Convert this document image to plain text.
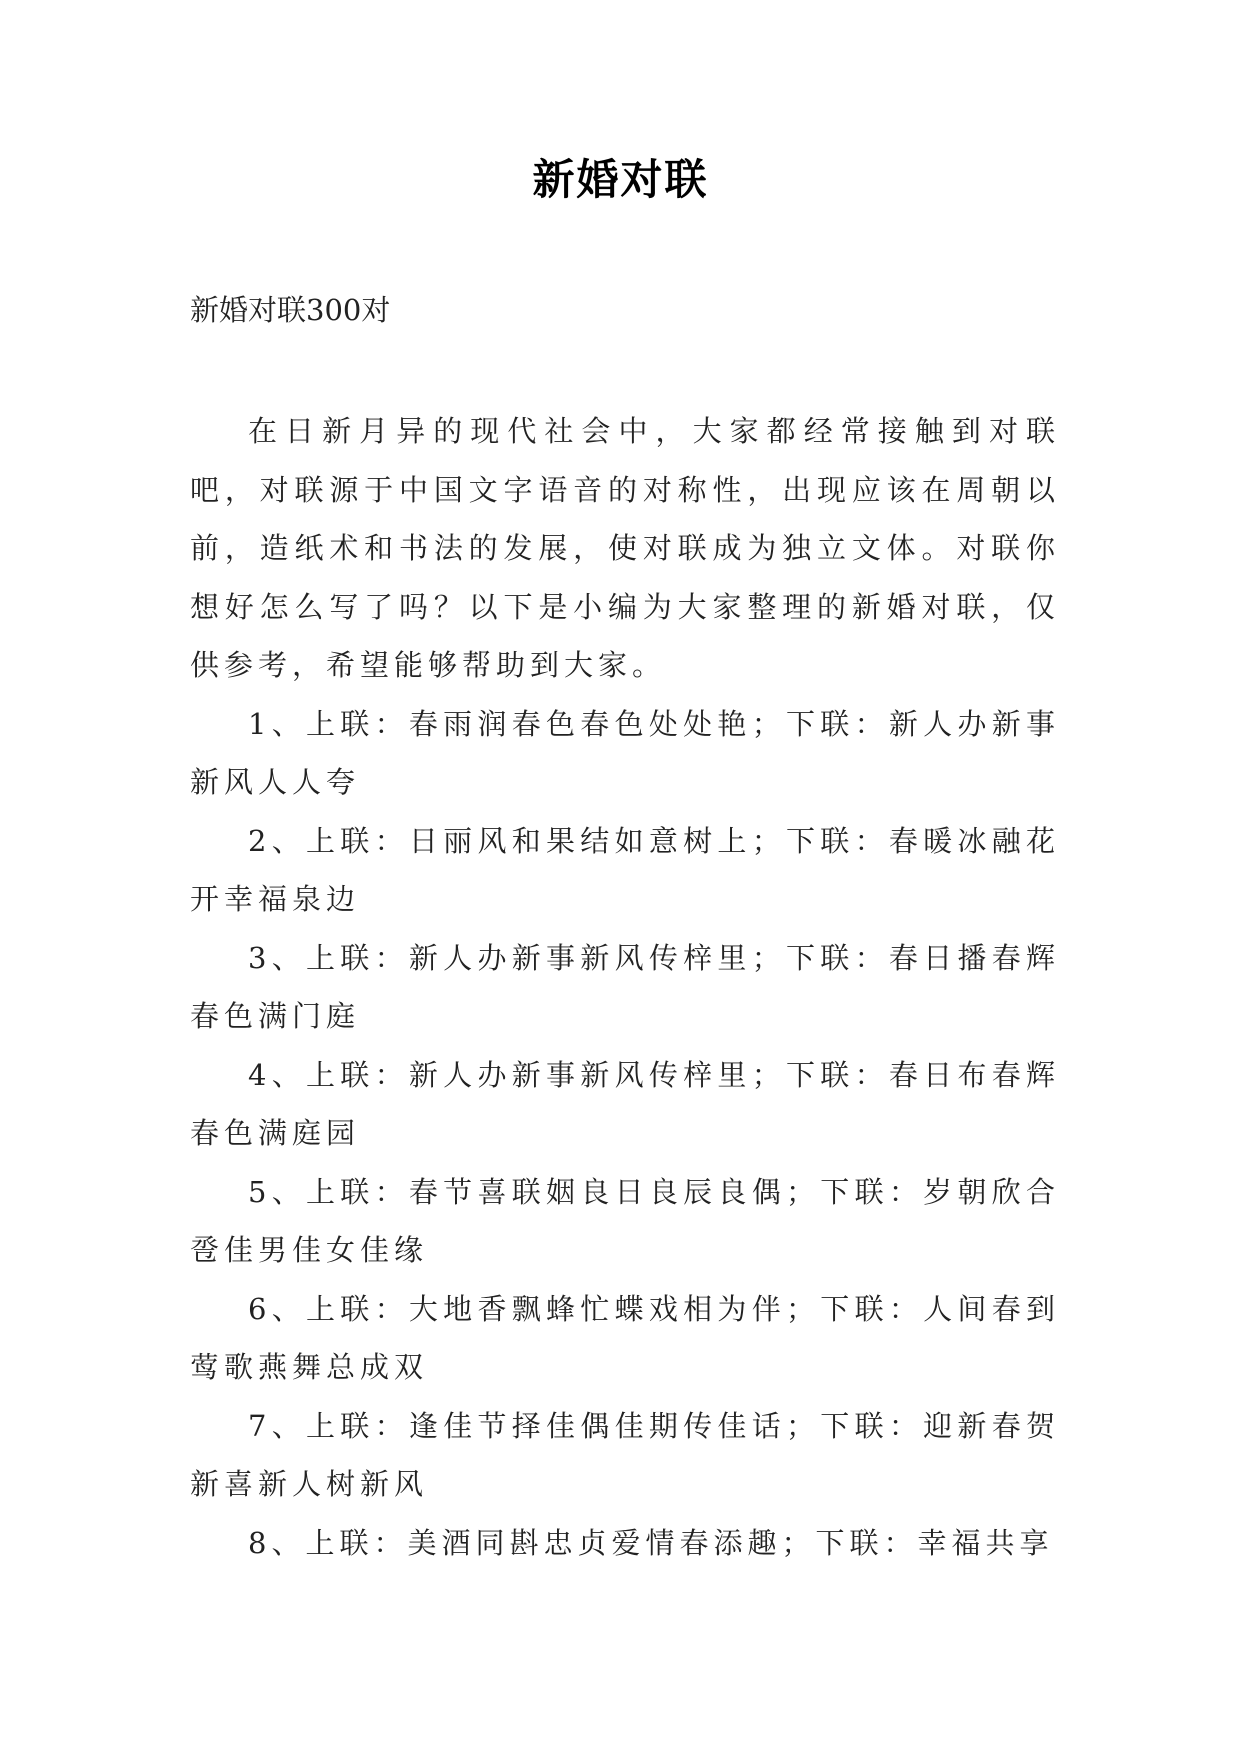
新婚对联
新婚对联300对

在日新月异的现代社会中，大家都经常接触到对联吧，对联源于中国文字语音的对称性，出现应该在周朝以前，造纸术和书法的发展，使对联成为独立文体。对联你想好怎么写了吗？以下是小编为大家整理的新婚对联，仅供参考，希望能够帮助到大家。

1、上联：春雨润春色春色处处艳；下联：新人办新事新风人人夸

2、上联：日丽风和果结如意树上；下联：春暖冰融花开幸福泉边

3、上联：新人办新事新风传梓里；下联：春日播春辉春色满门庭

4、上联：新人办新事新风传梓里；下联：春日布春辉春色满庭园

5、上联：春节喜联姻良日良辰良偶；下联：岁朝欣合卺佳男佳女佳缘

6、上联：大地香飘蜂忙蝶戏相为伴；下联：人间春到莺歌燕舞总成双

7、上联：逢佳节择佳偶佳期传佳话；下联：迎新春贺新喜新人树新风

8、上联：美酒同斟忠贞爱情春添趣；下联：幸福共享
